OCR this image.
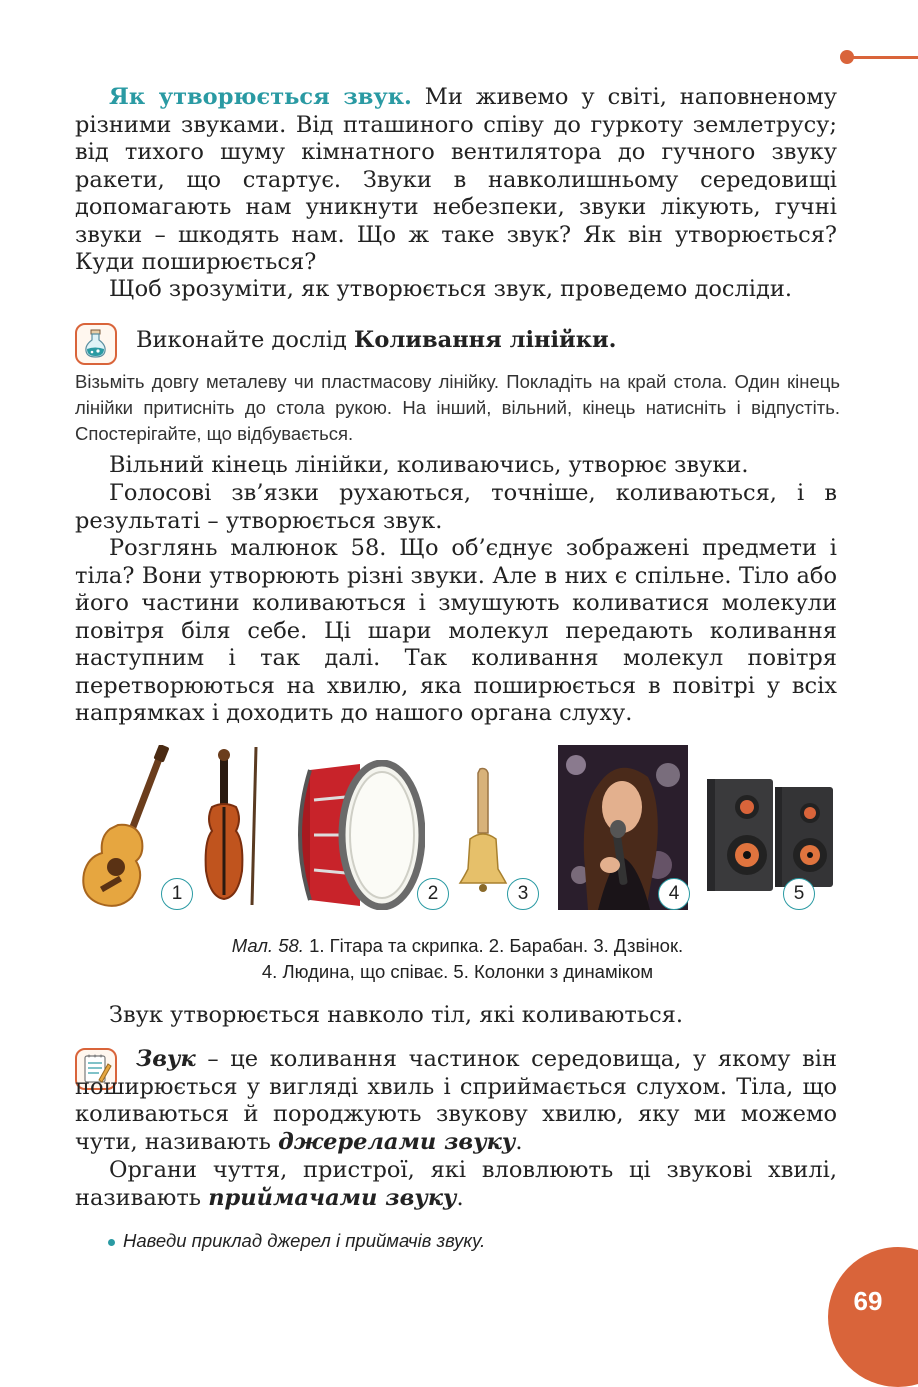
Як утворюється звук. Ми живемо у світі, наповненому різними звуками. Від пташиного співу до гуркоту землетрусу; від тихого шуму кімнатного вентилятора до гучного звуку ракети, що стартує. Звуки в навколишньому середовищі допомагають нам уникнути небезпеки, звуки лікують, гучні звуки – шкодять нам. Що ж таке звук? Як він утворюється? Куди поширюється?
Щоб зрозуміти, як утворюється звук, проведемо досліди.
Виконайте дослід Коливання лінійки.
Візьміть довгу металеву чи пластмасову лінійку. Покладіть на край стола. Один кінець лінійки притисніть до стола рукою. На інший, вільний, кінець натисніть і відпустіть. Спостерігайте, що відбувається.
Вільний кінець лінійки, коливаючись, утворює звуки.
Голосові зв’язки рухаються, точніше, коливаються, і в результаті – утворюється звук.
Розглянь малюнок 58. Що об’єднує зображені предмети і тіла? Вони утворюють різні звуки. Але в них є спільне. Тіло або його частини коливаються і змушують коливатися молекули повітря біля себе. Ці шари молекул передають коливання наступним і так далі. Так коливання молекул повітря перетворюються на хвилю, яка поширюється в повітрі у всіх напрямках і доходить до нашого органа слуху.
1	2	3	4	5
Мал. 58. 1. Гітара та скрипка. 2. Барабан. 3. Дзвінок.
4. Людина, що співає. 5. Колонки з динаміком
Звук утворюється навколо тіл, які коливаються.
Звук – це коливання частинок середовища, у якому він поширюється у вигляді хвиль і сприймається слухом. Тіла, що коливаються й породжують звукову хвилю, яку ми можемо чути, називають джерелами звуку.
Органи чуття, пристрої, які вловлюють ці звукові хвилі, називають приймачами звуку.
Наведи приклад джерел і приймачів звуку.
69
